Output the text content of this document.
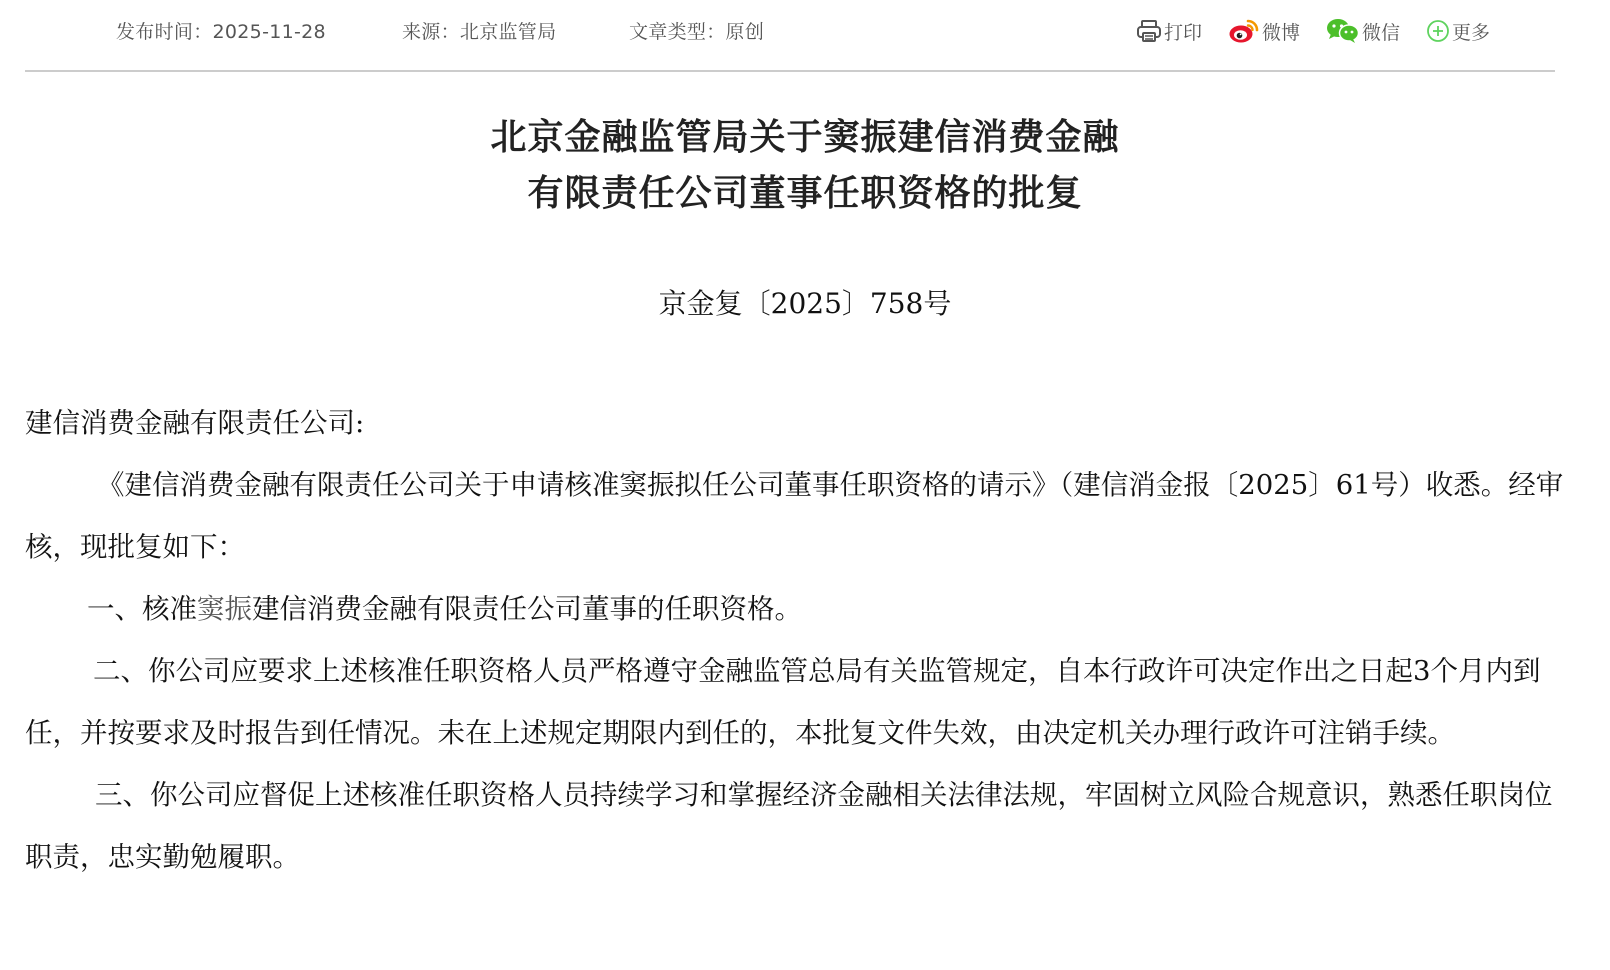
发布时间：2025-11-28	来源：北京监管局	文章类型：原创	打印	微博	微信	更多
北京金融监管局关于窦振建信消费金融
有限责任公司董事任职资格的批复
京金复〔2025〕758号

建信消费金融有限责任公司:

《建信消费金融有限责任公司关于申请核准窦振拟任公司董事任职资格的请示》（建信消金报〔2025〕61号）收悉。经审核，现批复如下：

一、核准窦振建信消费金融有限责任公司董事的任职资格。

二、你公司应要求上述核准任职资格人员严格遵守金融监管总局有关监管规定，自本行政许可决定作出之日起3个月内到任，并按要求及时报告到任情况。未在上述规定期限内到任的，本批复文件失效，由决定机关办理行政许可注销手续。

三、你公司应督促上述核准任职资格人员持续学习和掌握经济金融相关法律法规，牢固树立风险合规意识，熟悉任职岗位职责，忠实勤勉履职。
